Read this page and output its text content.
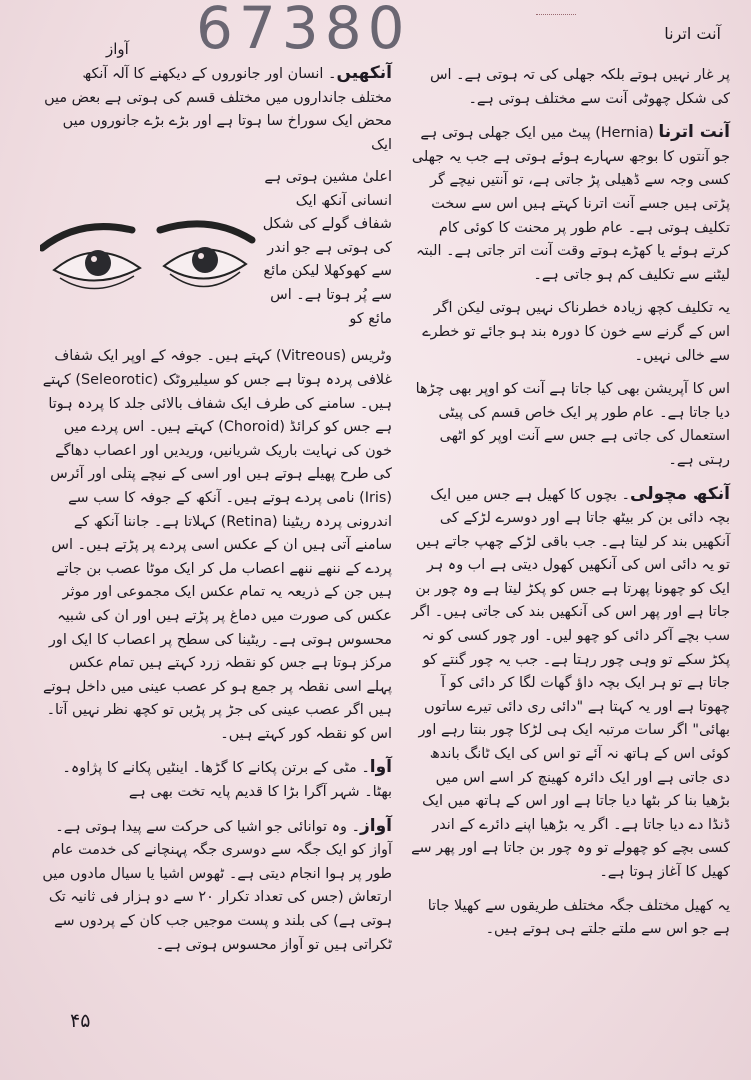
67380
آواز
آنت اترنا

آنکھیں۔ انسان اور جانوروں کے دیکھنے کا آلہ آنکھ مختلف جانداروں میں مختلف قسم کی ہوتی ہے بعض میں محض ایک سوراخ سا ہوتا ہے اور بڑے بڑے جانوروں میں ایک

وٹریس (Vitreous) کہتے ہیں۔ جوفہ کے اوپر ایک شفاف غلافی پردہ ہوتا ہے جس کو سیلیروٹک (Seleorotic) کہتے ہیں۔ سامنے کی طرف ایک شفاف بالائی جلد کا پردہ ہوتا ہے جس کو کرائڈ (Choroid) کہتے ہیں۔ اس پردے میں خون کی نہایت باریک شریانیں، وریدیں اور اعصاب دھاگے کی طرح پھیلے ہوتے ہیں اور اسی کے نیچے پتلی اور آئرس (Iris) نامی پردے ہوتے ہیں۔ آنکھ کے جوفہ کا سب سے اندرونی پردہ ریٹینا (Retina) کہلاتا ہے۔ جاننا آنکھ کے سامنے آتی ہیں ان کے عکس اسی پردے پر پڑتے ہیں۔ اس پردے کے ننھے ننھے اعصاب مل کر ایک موٹا عصب بن جاتے ہیں جن کے ذریعہ یہ تمام عکس ایک مجموعی اور موثر عکس کی صورت میں دماغ پر پڑتے ہیں اور ان کی شبیہ محسوس ہوتی ہے۔ ریٹینا کی سطح پر اعصاب کا ایک اور مرکز ہوتا ہے جس کو نقطہ زرد کہتے ہیں تمام عکس پہلے اسی نقطہ پر جمع ہو کر عصب عینی میں داخل ہوتے ہیں اگر عصب عینی کی جڑ پر پڑیں تو کچھ نظر نہیں آتا۔ اس کو نقطہ کور کہتے ہیں۔

آوا۔ مٹی کے برتن پکانے کا گڑھا۔ اینٹیں پکانے کا پژاوہ۔ بھٹا۔ شہر آگرا بڑا کا قدیم پایہ تخت بھی ہے

آواز۔ وہ توانائی جو اشیا کی حرکت سے پیدا ہوتی ہے۔ آواز کو ایک جگہ سے دوسری جگہ پہنچانے کی خدمت عام طور پر ہوا انجام دیتی ہے۔ ٹھوس اشیا یا سیال مادوں میں ارتعاش (جس کی تعداد تکرار ۲۰ سے دو ہزار فی ثانیہ تک ہوتی ہے) کی بلند و پست موجیں جب کان کے پردوں سے ٹکراتی ہیں تو آواز محسوس ہوتی ہے۔

اعلیٰ مشین ہوتی ہے انسانی آنکھ ایک شفاف گولے کی شکل کی ہوتی ہے جو اندر سے کھوکھلا لیکن مائع سے پُر ہوتا ہے۔ اس مائع کو

پر غار نہیں ہوتے بلکہ جھلی کی تہ ہوتی ہے۔ اس کی شکل چھوٹی آنت سے مختلف ہوتی ہے۔

آنت اترنا (Hernia) پیٹ میں ایک جھلی ہوتی ہے جو آنتوں کا بوجھ سہارے ہوئے ہوتی ہے جب یہ جھلی کسی وجہ سے ڈھیلی پڑ جاتی ہے، تو آنتیں نیچے گر پڑتی ہیں جسے آنت اترنا کہتے ہیں اس سے سخت تکلیف ہوتی ہے۔ عام طور پر محنت کا کوئی کام کرتے ہوئے یا کھڑے ہوتے وقت آنت اتر جاتی ہے۔ البتہ لیٹنے سے تکلیف کم ہو جاتی ہے۔

یہ تکلیف کچھ زیادہ خطرناک نہیں ہوتی لیکن اگر اس کے گرنے سے خون کا دورہ بند ہو جائے تو خطرے سے خالی نہیں۔

اس کا آپریشن بھی کیا جاتا ہے آنت کو اوپر بھی چڑھا دیا جاتا ہے۔ عام طور پر ایک خاص قسم کی پیٹی استعمال کی جاتی ہے جس سے آنت اوپر کو اٹھی رہتی ہے۔

آنکھ مچولی۔ بچوں کا کھیل ہے جس میں ایک بچہ دائی بن کر بیٹھ جاتا ہے اور دوسرے لڑکے کی آنکھیں بند کر لیتا ہے۔ جب باقی لڑکے چھپ جاتے ہیں تو یہ دائی اس کی آنکھیں کھول دیتی ہے اب وہ ہر ایک کو چھونا پھرتا ہے جس کو پکڑ لیتا ہے وہ چور بن جاتا ہے اور پھر اس کی آنکھیں بند کی جاتی ہیں۔ اگر سب بچے آکر دائی کو چھو لیں۔ اور چور کسی کو نہ پکڑ سکے تو وہی چور رہتا ہے۔ جب یہ چور گنتے کو جاتا ہے تو ہر ایک بچہ داؤ گھات لگا کر دائی کو آ چھوتا ہے اور یہ کہتا ہے "دائی ری دائی تیرے ساتوں بھائی" اگر سات مرتبہ ایک ہی لڑکا چور بنتا رہے اور کوئی اس کے ہاتھ نہ آئے تو اس کی ایک ٹانگ باندھ دی جاتی ہے اور ایک دائرہ کھینچ کر اسے اس میں بڑھیا بنا کر بٹھا دیا جاتا ہے اور اس کے ہاتھ میں ایک ڈنڈا دے دیا جاتا ہے۔ اگر یہ بڑھیا اپنے دائرے کے اندر کسی بچے کو چھولے تو وہ چور بن جاتا ہے اور پھر سے کھیل کا آغاز ہوتا ہے۔

یہ کھیل مختلف جگہ مختلف طریقوں سے کھیلا جاتا ہے جو اس سے ملتے جلتے ہی ہوتے ہیں۔

۴۵
